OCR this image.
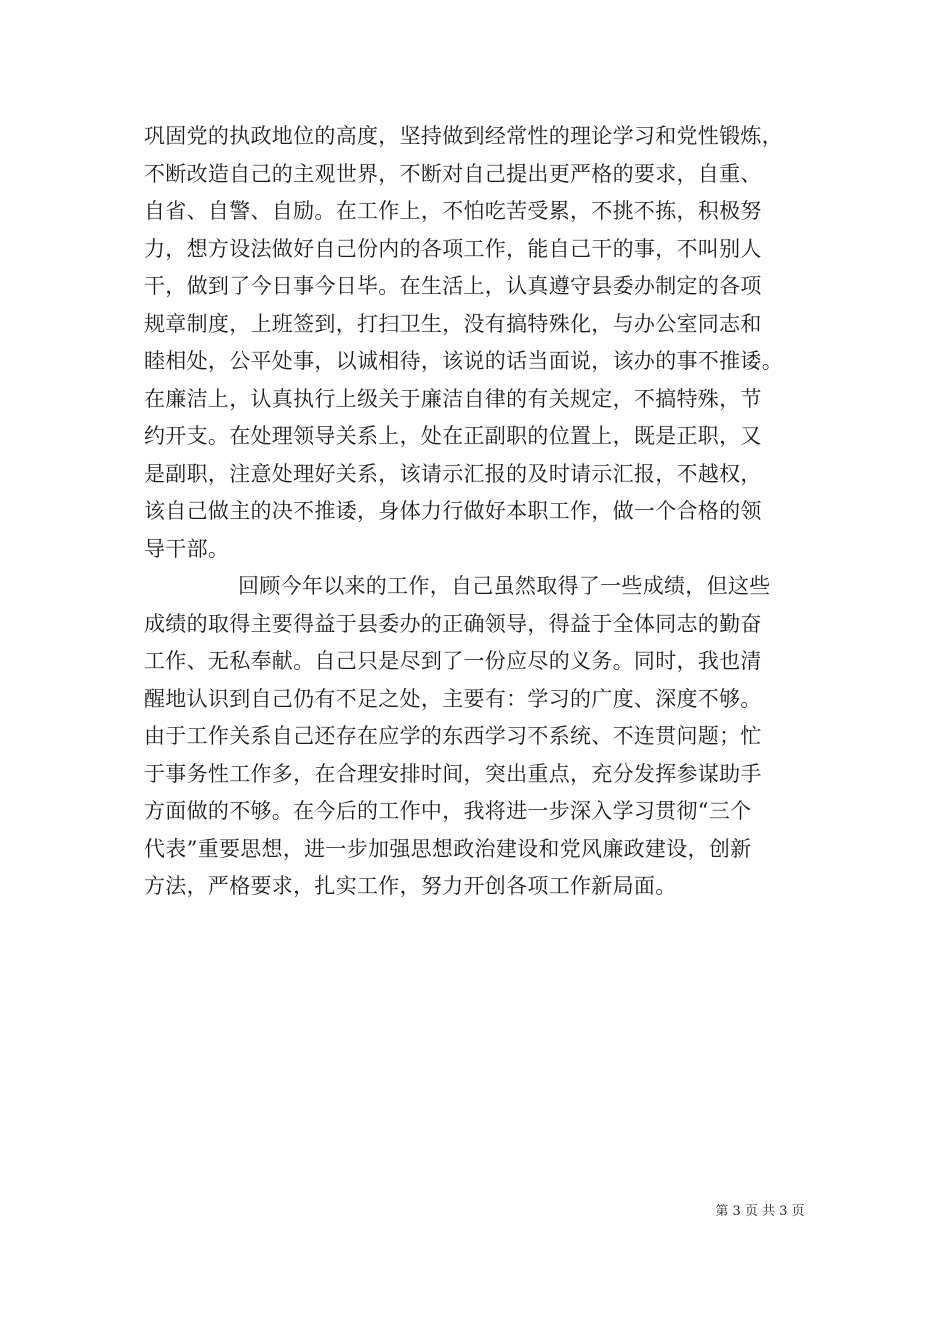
巩固党的执政地位的高度，坚持做到经常性的理论学习和党性锻炼，
不断改造自己的主观世界，不断对自己提出更严格的要求，自重、
自省、自警、自励。在工作上，不怕吃苦受累，不挑不拣，积极努
力，想方设法做好自己份内的各项工作，能自己干的事，不叫别人
干，做到了今日事今日毕。在生活上，认真遵守县委办制定的各项
规章制度，上班签到，打扫卫生，没有搞特殊化，与办公室同志和
睦相处，公平处事，以诚相待，该说的话当面说，该办的事不推诿。
在廉洁上，认真执行上级关于廉洁自律的有关规定，不搞特殊，节
约开支。在处理领导关系上，处在正副职的位置上，既是正职，又
是副职，注意处理好关系，该请示汇报的及时请示汇报，不越权，
该自己做主的决不推诿，身体力行做好本职工作，做一个合格的领
导干部。
回顾今年以来的工作，自己虽然取得了一些成绩，但这些
成绩的取得主要得益于县委办的正确领导，得益于全体同志的勤奋
工作、无私奉献。自己只是尽到了一份应尽的义务。同时，我也清
醒地认识到自己仍有不足之处，主要有：学习的广度、深度不够。
由于工作关系自己还存在应学的东西学习不系统、不连贯问题；忙
于事务性工作多，在合理安排时间，突出重点，充分发挥参谋助手
方面做的不够。在今后的工作中，我将进一步深入学习贯彻“三个
代表”重要思想，进一步加强思想政治建设和党风廉政建设，创新
方法，严格要求，扎实工作，努力开创各项工作新局面。
第 3 页 共 3 页
